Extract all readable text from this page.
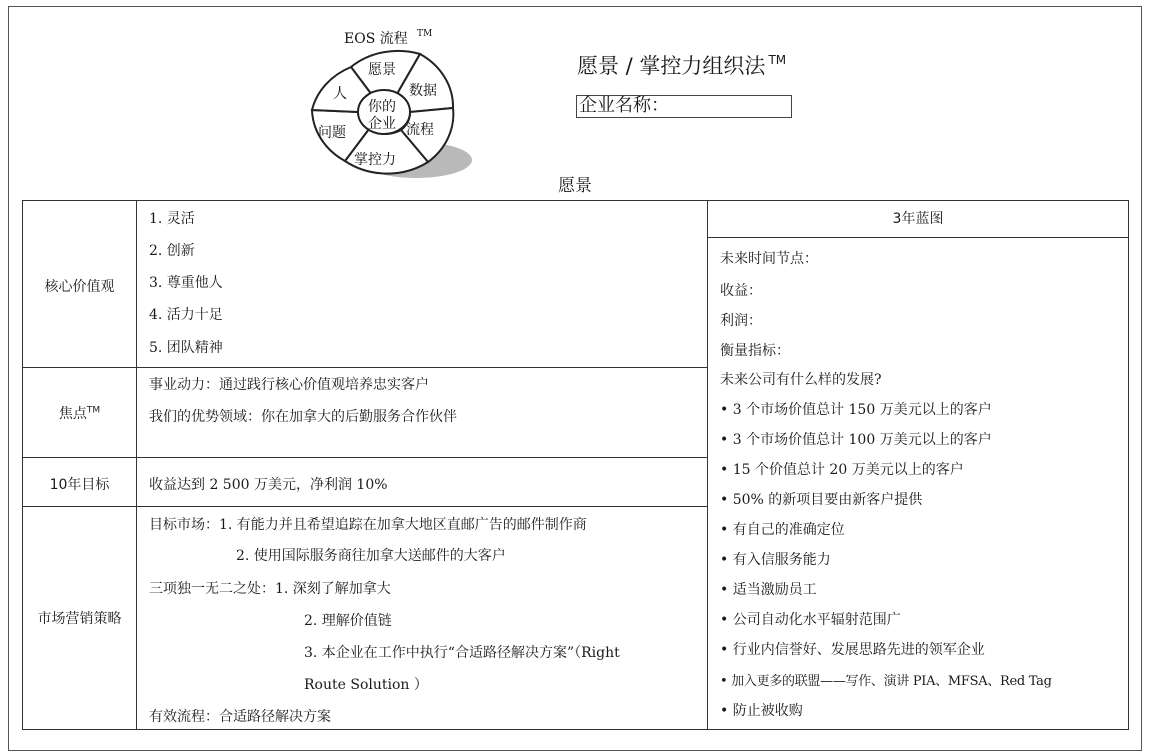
EOS 流程 TM
愿景
数据
流程
掌控力
问题
人
你的
企业
愿景 / 掌控力组织法 ™
企业名称：
愿景
核心价值观
焦点™
10年目标
市场营销策略
1. 灵活
2. 创新
3. 尊重他人
4. 活力十足
5. 团队精神
事业动力：通过践行核心价值观培养忠实客户
我们的优势领域：你在加拿大的后勤服务合作伙伴
收益达到 2 500 万美元，净利润 10%
目标市场：1. 有能力并且希望追踪在加拿大地区直邮广告的邮件制作商
2. 使用国际服务商往加拿大送邮件的大客户
三项独一无二之处：1. 深刻了解加拿大
2. 理解价值链
3. 本企业在工作中执行“合适路径解决方案”（Right
Route Solution ）
有效流程：合适路径解决方案
3年蓝图
未来时间节点：
收益：
利润：
衡量指标：
未来公司有什么样的发展?
• 3 个市场价值总计 150 万美元以上的客户
• 3 个市场价值总计 100 万美元以上的客户
• 15 个价值总计 20 万美元以上的客户
• 50% 的新项目要由新客户提供
• 有自己的准确定位
• 有入信服务能力
• 适当激励员工
• 公司自动化水平辐射范围广
• 行业内信誉好、发展思路先进的领军企业
• 加入更多的联盟——写作、演讲 PIA、MFSA、Red Tag
• 防止被收购
